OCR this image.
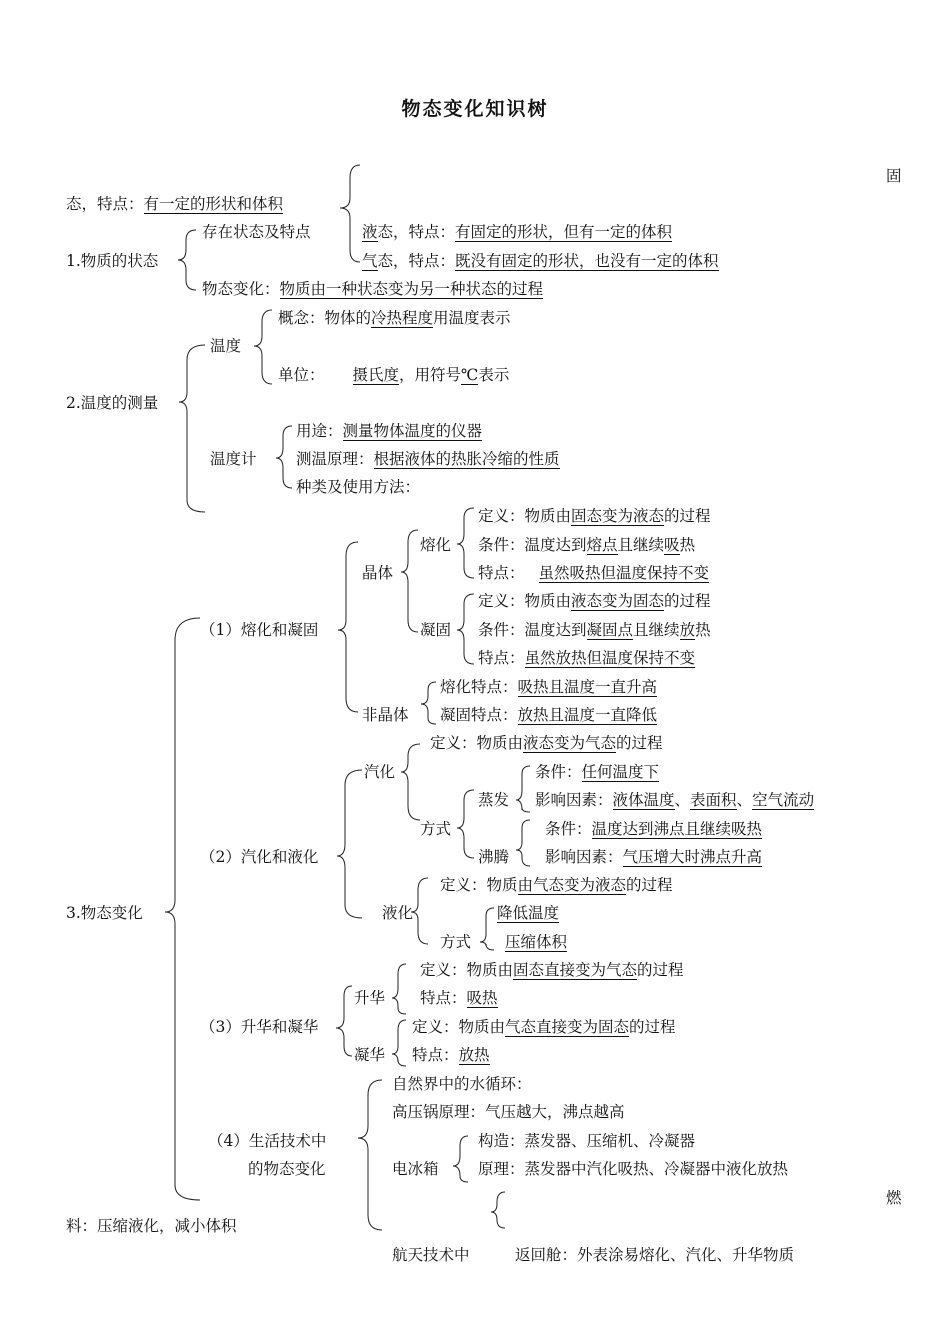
物态变化知识树
固
态，特点：有一定的形状和体积
1.物质的状态
存在状态及特点	液态，特点：有固定的形状，但有一定的体积
气态，特点：既没有固定的形状，也没有一定的体积
物态变化：物质由一种状态变为另一种状态的过程
2.温度的测量
温度
概念：物体的冷热程度用温度表示
单位： 摄氏度，用符号℃表示
温度计
用途：测量物体温度的仪器
测温原理：根据液体的热胀冷缩的性质
种类及使用方法：
3.物态变化
（1）熔化和凝固
晶体
熔化
定义：物质由固态变为液态的过程
条件：温度达到熔点且继续吸热
特点： 虽然吸热但温度保持不变
凝固
定义：物质由液态变为固态的过程
条件：温度达到凝固点且继续放热
特点：虽然放热但温度保持不变
非晶体
熔化特点：吸热且温度一直升高
凝固特点：放热且温度一直降低
（2）汽化和液化
汽化
定义：物质由液态变为气态的过程
方式
蒸发
条件：任何温度下
影响因素：液体温度、表面积、空气流动
沸腾
条件：温度达到沸点且继续吸热
影响因素：气压增大时沸点升高
液化
定义：物质由气态变为液态的过程
方式
降低温度
压缩体积
（3）升华和凝华
升华
定义：物质由固态直接变为气态的过程
特点：吸热
凝华
定义：物质由气态直接变为固态的过程
特点：放热
（4）生活技术中
的物态变化
自然界中的水循环：
高压锅原理：气压越大，沸点越高
电冰箱
构造：蒸发器、压缩机、冷凝器
原理：蒸发器中汽化吸热、冷凝器中液化放热
燃
料：压缩液化，减小体积
航天技术中	返回舱：外表涂易熔化、汽化、升华物质
